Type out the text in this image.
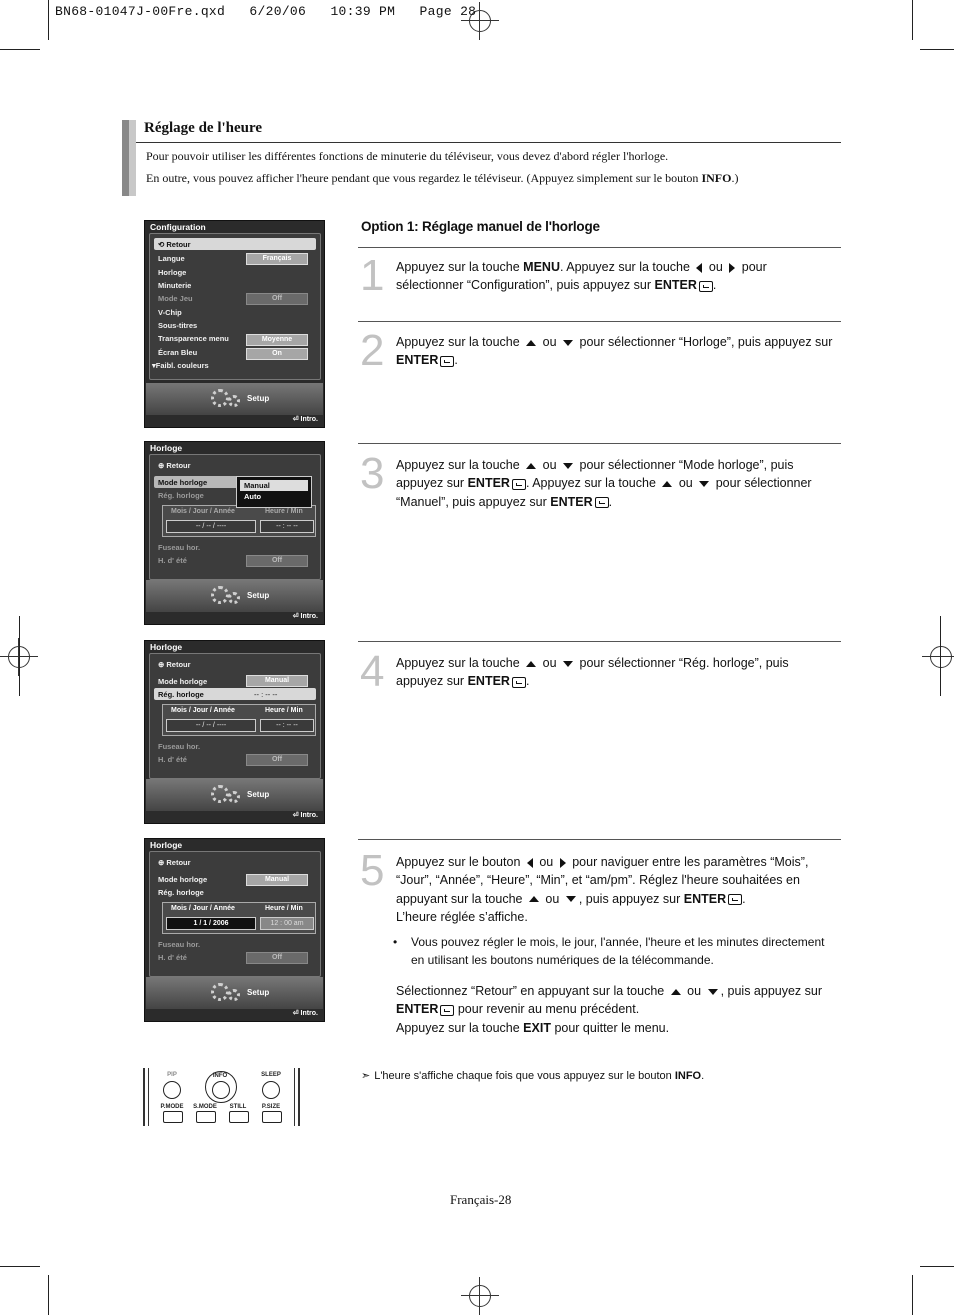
BN68-01047J-00Fre.qxd   6/20/06   10:39 PM   Page 28
Réglage de l'heure
Pour pouvoir utiliser les différentes fonctions de minuterie du téléviseur, vous devez d'abord régler l'horloge.
En outre, vous pouvez afficher l'heure pendant que vous regardez le téléviseur. (Appuyez simplement sur le bouton INFO.)
Option 1: Réglage manuel de l'horloge
1 Appuyez sur la touche MENU. Appuyez sur la touche  ou  pour sélectionner “Configuration”, puis appuyez sur ENTER .
2 Appuyez sur la touche  ou  pour sélectionner “Horloge”, puis appuyez sur ENTER .
3 Appuyez sur la touche  ou  pour sélectionner “Mode horloge”, puis appuyez sur ENTER . Appuyez sur la touche  ou  pour sélectionner “Manuel”, puis appuyez sur ENTER .
4 Appuyez sur la touche  ou  pour sélectionner “Rég. horloge”, puis appuyez sur ENTER .
5 Appuyez sur le bouton  ou  pour naviguer entre les paramètres “Mois”, “Jour”, “Année”, “Heure”, “Min”, et “am/pm”. Réglez l'heure souhaitées en appuyant sur la touche  ou , puis appuyez sur ENTER .
L’heure réglée s’affiche.
•	Vous pouvez régler le mois, le jour, l'année, l'heure et les minutes directement en utilisant les boutons numériques de la télécommande.
Sélectionnez “Retour” en appuyant sur la touche  ou , puis appuyez sur ENTER pour revenir au menu précédent.
Appuyez sur la touche EXIT pour quitter le menu.
➣ L'heure s'affiche chaque fois que vous appuyez sur le bouton INFO.
Configuration
⟲ Retour
Langue	Français
Horloge
Minuterie
Mode Jeu	Off
V-Chip
Sous-titres
Transparence menu	Moyenne
Écran Bleu	On
▾Faibl. couleurs
Setup
⏎ Intro.
Horloge
⊕ Retour
Mode horloge
Rég. horloge
Mois / Jour / Année	Heure / Min
-- / -- / ----	-- : -- --
Fuseau hor.
H. d' été	Off
Manual
Auto
Setup
⏎ Intro.
Horloge
⊕ Retour
Mode horloge	Manual
Rég. horloge	-- : -- --
Mois / Jour / Année	Heure / Min
-- / -- / ----	-- : -- --
Fuseau hor.
H. d' été	Off
Setup
⏎ Intro.
Horloge
⊕ Retour
Mode horloge	Manual
Rég. horloge
Mois / Jour / Année	Heure / Min
1 / 1 / 2006	12 : 00 am
Fuseau hor.
H. d' été	Off
Setup
⏎ Intro.
PIP	INFO	SLEEP
P.MODE	S.MODE	STILL	P.SIZE
Français-28
